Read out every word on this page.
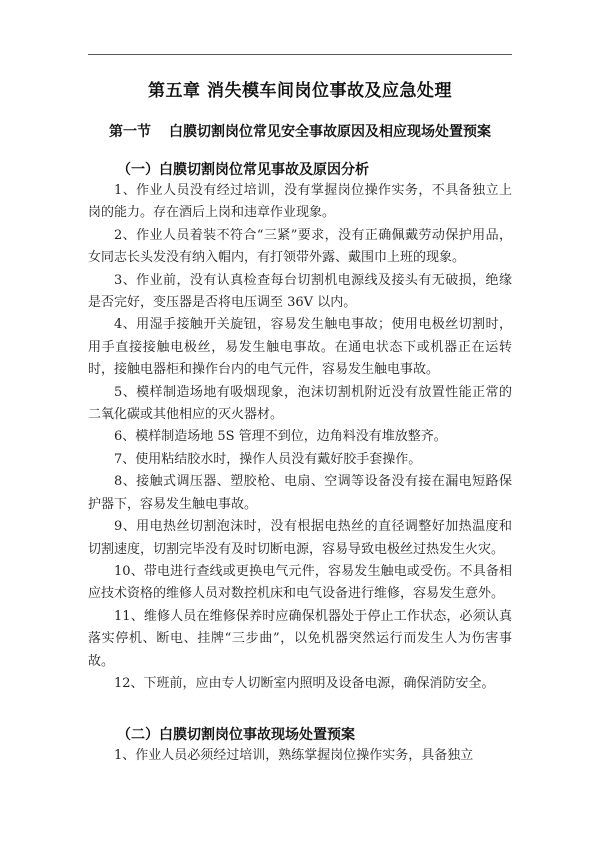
第五章 消失模车间岗位事故及应急处理
第一节 白膜切割岗位常见安全事故原因及相应现场处置预案
（一）白膜切割岗位常见事故及原因分析

1、作业人员没有经过培训，没有掌握岗位操作实务，不具备独立上岗的能力。存在酒后上岗和违章作业现象。

2、作业人员着装不符合“三紧”要求，没有正确佩戴劳动保护用品，女同志长头发没有纳入帽内，有打领带外露、戴围巾上班的现象。

3、作业前，没有认真检查每台切割机电源线及接头有无破损，绝缘是否完好，变压器是否将电压调至 36V 以内。

4、用湿手接触开关旋钮，容易发生触电事故；使用电极丝切割时，用手直接接触电极丝，易发生触电事故。在通电状态下或机器正在运转时，接触电器柜和操作台内的电气元件，容易发生触电事故。

5、模样制造场地有吸烟现象，泡沫切割机附近没有放置性能正常的二氧化碳或其他相应的灭火器材。

6、模样制造场地 5S 管理不到位，边角料没有堆放整齐。

7、使用粘结胶水时，操作人员没有戴好胶手套操作。

8、接触式调压器、塑胶枪、电扇、空调等设备没有接在漏电短路保护器下，容易发生触电事故。

9、用电热丝切割泡沫时，没有根据电热丝的直径调整好加热温度和切割速度，切割完毕没有及时切断电源，容易导致电极丝过热发生火灾。

10、带电进行查线或更换电气元件，容易发生触电或受伤。不具备相应技术资格的维修人员对数控机床和电气设备进行维修，容易发生意外。

11、维修人员在维修保养时应确保机器处于停止工作状态，必须认真落实停机、断电、挂牌“三步曲”，以免机器突然运行而发生人为伤害事故。

12、下班前，应由专人切断室内照明及设备电源，确保消防安全。

（二）白膜切割岗位事故现场处置预案

1、作业人员必须经过培训，熟练掌握岗位操作实务，具备独立
